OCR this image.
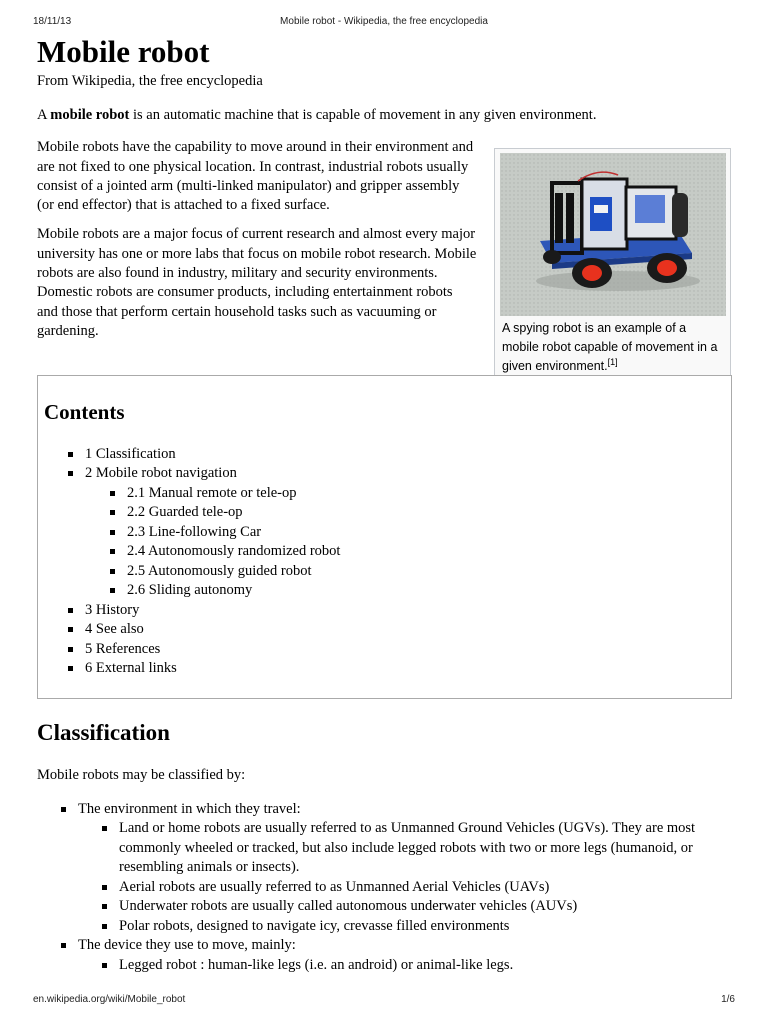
18/11/13	Mobile robot - Wikipedia, the free encyclopedia
Mobile robot
From Wikipedia, the free encyclopedia

A mobile robot is an automatic machine that is capable of movement in any given environment.

Mobile robots have the capability to move around in their environment and are not fixed to one physical location. In contrast, industrial robots usually consist of a jointed arm (multi-linked manipulator) and gripper assembly (or end effector) that is attached to a fixed surface.

Mobile robots are a major focus of current research and almost every major university has one or more labs that focus on mobile robot research. Mobile robots are also found in industry, military and security environments. Domestic robots are consumer products, including entertainment robots and those that perform certain household tasks such as vacuuming or gardening.	A spying robot is an example of a mobile robot capable of movement in a given environment.[1]
Contents
1 Classification
2 Mobile robot navigation
2.1 Manual remote or tele-op
2.2 Guarded tele-op
2.3 Line-following Car
2.4 Autonomously randomized robot
2.5 Autonomously guided robot
2.6 Sliding autonomy
3 History
4 See also
5 References
6 External links
Classification

Mobile robots may be classified by:

The environment in which they travel:
Land or home robots are usually referred to as Unmanned Ground Vehicles (UGVs). They are most commonly wheeled or tracked, but also include legged robots with two or more legs (humanoid, or resembling animals or insects).
Aerial robots are usually referred to as Unmanned Aerial Vehicles (UAVs)
Underwater robots are usually called autonomous underwater vehicles (AUVs)
Polar robots, designed to navigate icy, crevasse filled environments
The device they use to move, mainly:
Legged robot : human-like legs (i.e. an android) or animal-like legs.
en.wikipedia.org/wiki/Mobile_robot	1/6
